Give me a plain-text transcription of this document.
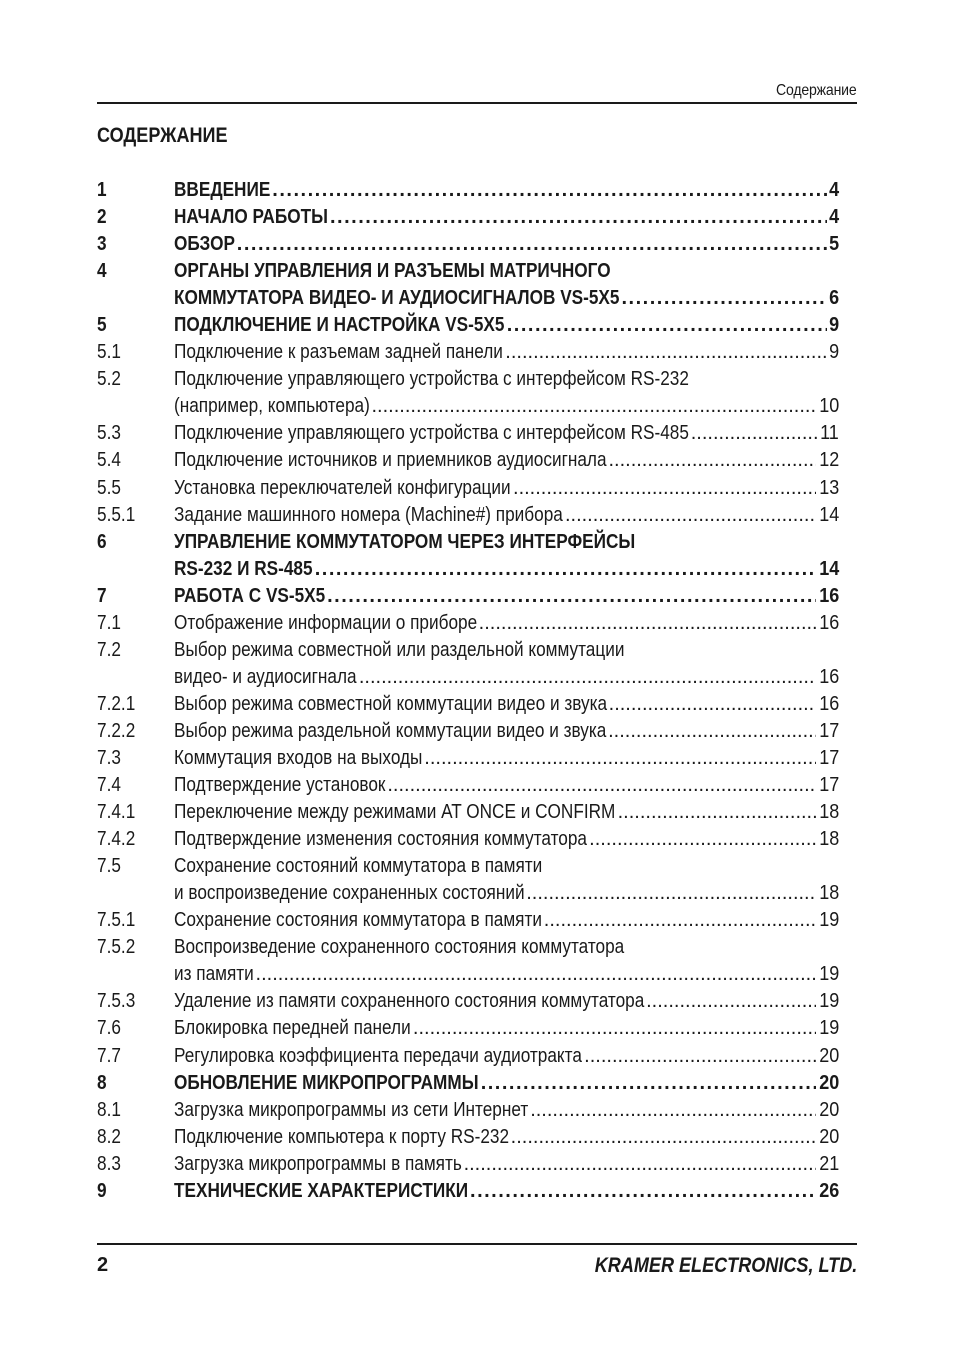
Содержание
СОДЕРЖАНИЕ
1	ВВЕДЕНИЕ .....	4
2	НАЧАЛО РАБОТЫ .....	4
3	ОБЗОР .....	5
4	ОРГАНЫ УПРАВЛЕНИЯ И РАЗЪЕМЫ МАТРИЧНОГО
КОММУТАТОРА ВИДЕО- И АУДИОСИГНАЛОВ VS-5X5 .....	6
5	ПОДКЛЮЧЕНИЕ И НАСТРОЙКА VS-5X5 .....	9
5.1	Подключение к разъемам задней панели .....	9
5.2	Подключение управляющего устройства с интерфейсом RS-232
(например, компьютера) .....	10
5.3	Подключение управляющего устройства с интерфейсом RS-485 .....	11
5.4	Подключение источников и приемников аудиосигнала .....	12
5.5	Установка переключателей конфигурации .....	13
5.5.1 Задание машинного номера (Machine#) прибора .....	14
6	УПРАВЛЕНИЕ КОММУТАТОРОМ ЧЕРЕЗ ИНТЕРФЕЙСЫ
RS-232 И RS-485 .....	14
7	РАБОТА С VS-5X5 .....	16
7.1	Отображение информации о приборе .....	16
7.2	Выбор режима совместной или раздельной коммутации
видео- и аудиосигнала .....	16
7.2.1 Выбор режима совместной коммутации видео и звука .....	16
7.2.2 Выбор режима раздельной коммутации видео и звука .....	17
7.3	Коммутация входов на выходы .....	17
7.4	Подтверждение установок .....	17
7.4.1 Переключение между режимами AT ONCE и CONFIRM .....	18
7.4.2 Подтверждение изменения состояния коммутатора .....	18
7.5	Сохранение состояний коммутатора в памяти
и воспроизведение сохраненных состояний .....	18
7.5.1 Сохранение состояния коммутатора в памяти .....	19
7.5.2 Воспроизведение сохраненного состояния коммутатора
из памяти .....	19
7.5.3 Удаление из памяти сохраненного состояния коммутатора .....	19
7.6	Блокировка передней панели .....	19
7.7	Регулировка коэффициента передачи аудиотракта .....	20
8	ОБНОВЛЕНИЕ МИКРОПРОГРАММЫ .....	20
8.1	Загрузка микропрограммы из сети Интернет .....	20
8.2	Подключение компьютера к порту RS-232 .....	20
8.3	Загрузка микропрограммы в память .....	21
9	ТЕХНИЧЕСКИЕ ХАРАКТЕРИСТИКИ .....	26
2	KRAMER ELECTRONICS, LTD.
